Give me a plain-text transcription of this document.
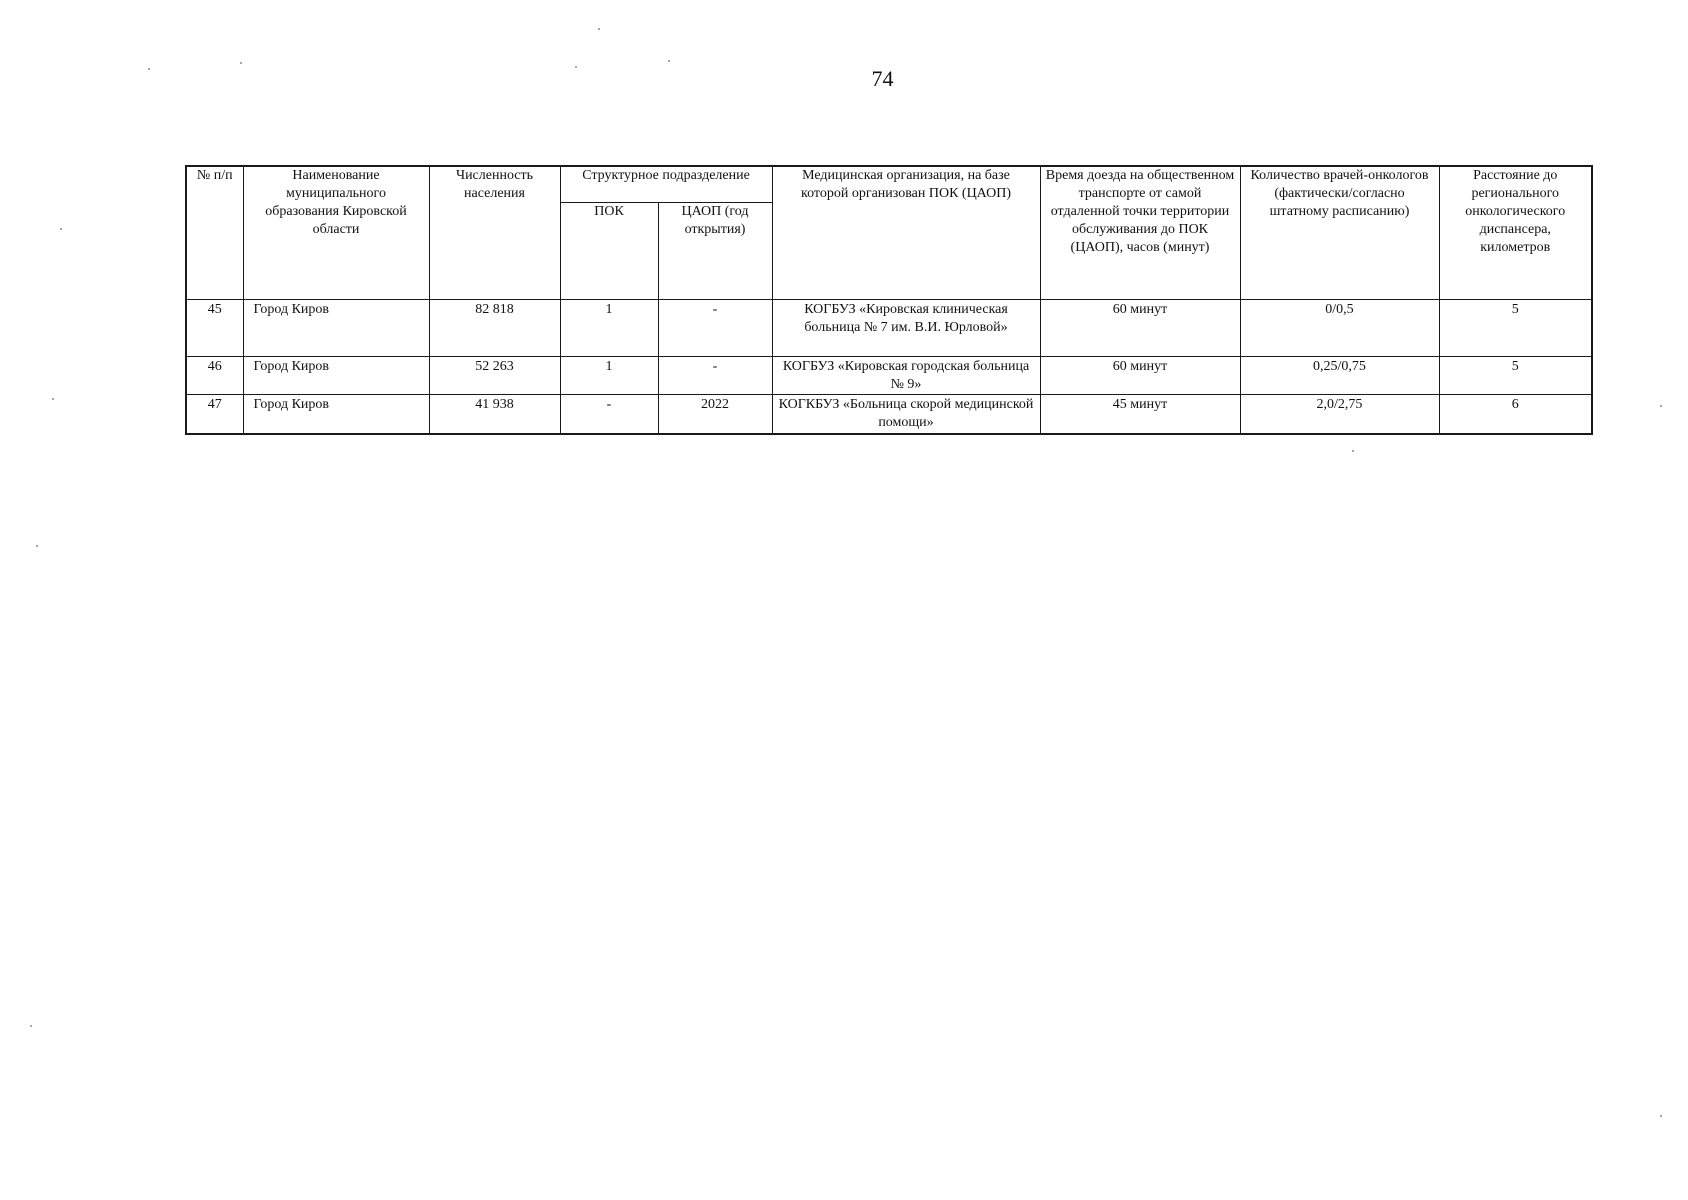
74
№ п/п	Наименование муниципального образования Кировской области	Численность населения	Структурное подразделение		Медицинская организация, на базе которой организован ПОК (ЦАОП)	Время доезда на общественном транспорте от самой отдаленной точки территории обслуживания до ПОК (ЦАОП), часов (минут)	Количество врачей-онкологов (фактически/согласно штатному расписанию)	Расстояние до регионального онкологического диспансера, километров
			ПОК	ЦАОП (год открытия)				
45	Город Киров	82 818	1	-	КОГБУЗ «Кировская клиническая больница № 7 им. В.И. Юрловой»	60 минут	0/0,5	5
46	Город Киров	52 263	1	-	КОГБУЗ «Кировская городская больница № 9»	60 минут	0,25/0,75	5
47	Город Киров	41 938	-	2022	КОГКБУЗ «Больница скорой медицинской помощи»	45 минут	2,0/2,75	6
